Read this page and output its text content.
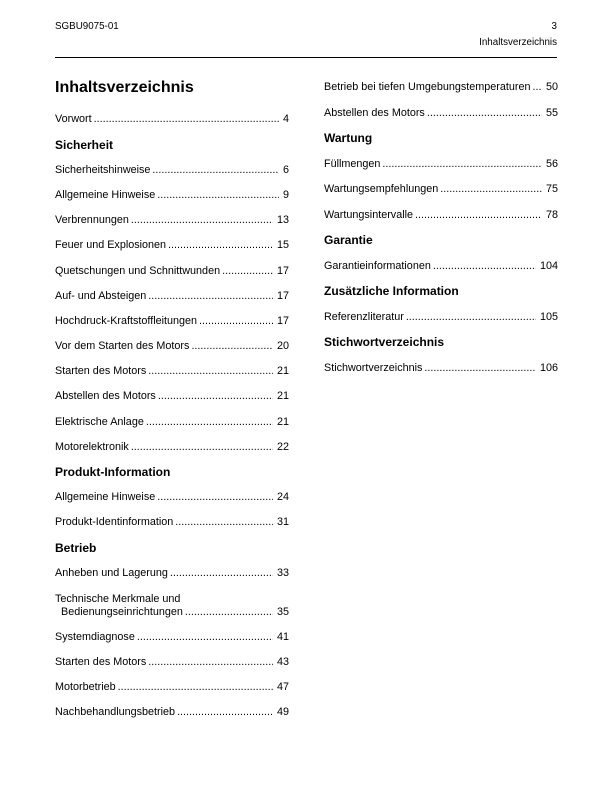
SGBU9075-01	3
Inhaltsverzeichnis
Inhaltsverzeichnis
Vorwort .....	4
Sicherheit
Sicherheitshinweise .....	6
Allgemeine Hinweise .....	9
Verbrennungen .....	13
Feuer und Explosionen .....	15
Quetschungen und Schnittwunden .....	17
Auf- und Absteigen .....	17
Hochdruck-Kraftstoffleitungen .....	17
Vor dem Starten des Motors .....	20
Starten des Motors .....	21
Abstellen des Motors .....	21
Elektrische Anlage .....	21
Motorelektronik .....	22
Produkt-Information
Allgemeine Hinweise .....	24
Produkt-Identinformation .....	31
Betrieb
Anheben und Lagerung .....	33
Technische Merkmale und
Bedienungseinrichtungen .....	35
Systemdiagnose .....	41
Starten des Motors .....	43
Motorbetrieb .....	47
Nachbehandlungsbetrieb .....	49
Betrieb bei tiefen Umgebungstemperaturen .....	50
Abstellen des Motors .....	55
Wartung
Füllmengen .....	56
Wartungsempfehlungen .....	75
Wartungsintervalle .....	78
Garantie
Garantieinformationen .....	104
Zusätzliche Information
Referenzliteratur .....	105
Stichwortverzeichnis
Stichwortverzeichnis .....	106
